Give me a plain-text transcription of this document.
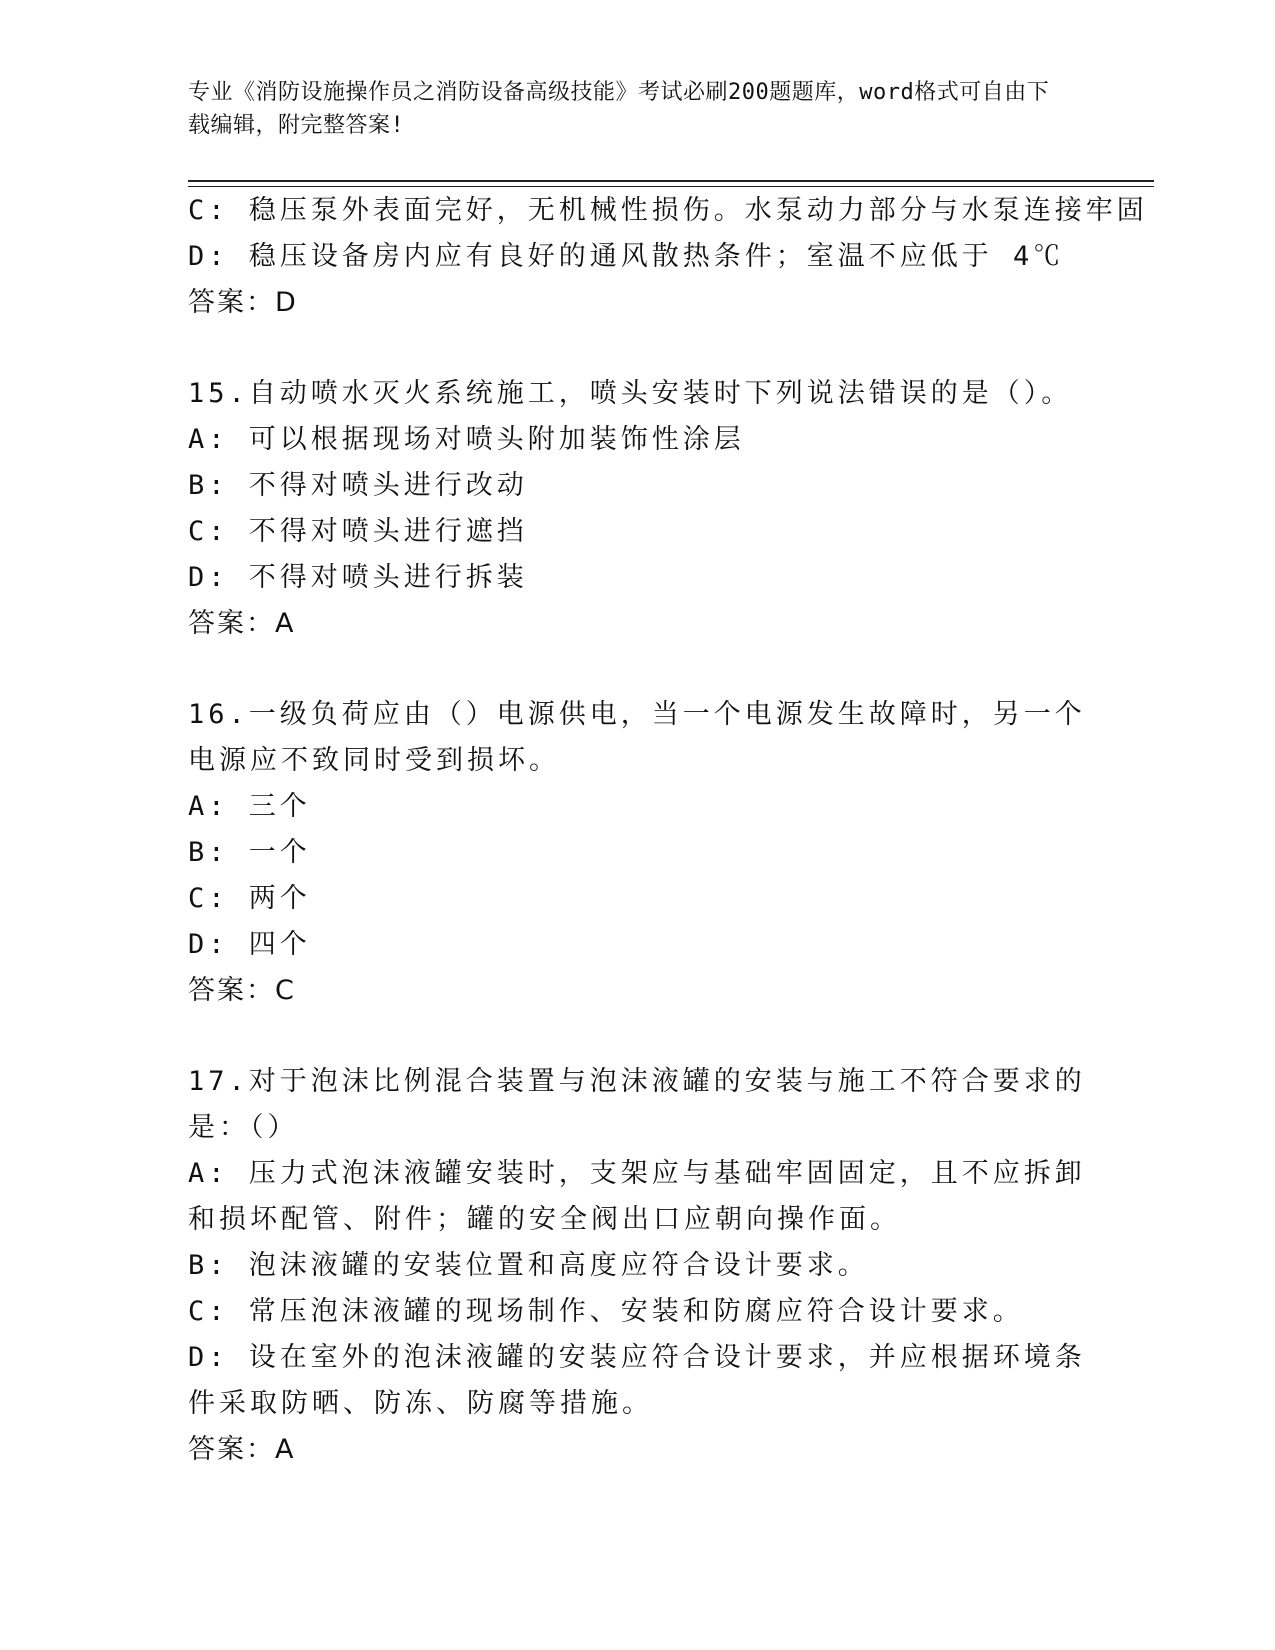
专业《消防设施操作员之消防设备高级技能》考试必刷200题题库，word格式可自由下载编辑，附完整答案!
C: 稳压泵外表面完好，无机械性损伤。水泵动力部分与水泵连接牢固
D: 稳压设备房内应有良好的通风散热条件；室温不应低于 4℃
答案：D
15.自动喷水灭火系统施工，喷头安装时下列说法错误的是（）。
A: 可以根据现场对喷头附加装饰性涂层
B: 不得对喷头进行改动
C: 不得对喷头进行遮挡
D: 不得对喷头进行拆装
答案：A
16.一级负荷应由（）电源供电，当一个电源发生故障时，另一个电源应不致同时受到损坏。
A: 三个
B: 一个
C: 两个
D: 四个
答案：C
17.对于泡沫比例混合装置与泡沫液罐的安装与施工不符合要求的是：（）
A: 压力式泡沫液罐安装时，支架应与基础牢固固定，且不应拆卸和损坏配管、附件；罐的安全阀出口应朝向操作面。
B: 泡沫液罐的安装位置和高度应符合设计要求。
C: 常压泡沫液罐的现场制作、安装和防腐应符合设计要求。
D: 设在室外的泡沫液罐的安装应符合设计要求，并应根据环境条件采取防晒、防冻、防腐等措施。
答案：A
